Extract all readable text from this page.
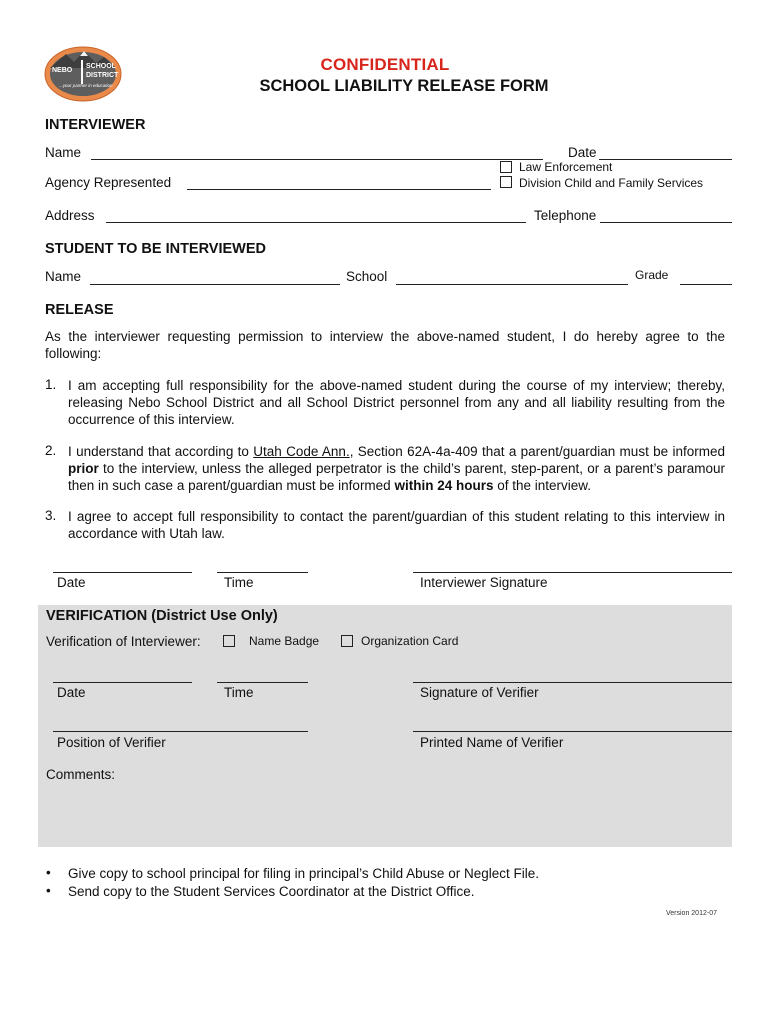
NEBO
SCHOOL
DISTRICT
...your partner in education
CONFIDENTIAL
SCHOOL LIABILITY RELEASE FORM
INTERVIEWER
Name	Date
Law Enforcement
Division Child and Family Services
Agency Represented
Address	Telephone
STUDENT TO BE INTERVIEWED
Name	School	Grade
RELEASE
As the interviewer requesting permission to interview the above-named student, I do hereby agree to the following:
1. I am accepting full responsibility for the above-named student during the course of my interview; thereby, releasing Nebo School District and all School District personnel from any and all liability resulting from the occurrence of this interview.
2. I understand that according to Utah Code Ann., Section 62A-4a-409 that a parent/guardian must be informed prior to the interview, unless the alleged perpetrator is the child’s parent, step-parent, or a parent’s paramour then in such case a parent/guardian must be informed within 24 hours of the interview.
3. I agree to accept full responsibility to contact the parent/guardian of this student relating to this interview in accordance with Utah law.
Date	Time	Interviewer Signature
VERIFICATION (District Use Only)
Verification of Interviewer:	Name Badge	Organization Card
Date	Time	Signature of Verifier
Position of Verifier	Printed Name of Verifier
Comments:
• Give copy to school principal for filing in principal’s Child Abuse or Neglect File.
• Send copy to the Student Services Coordinator at the District Office.
Version 2012-07
